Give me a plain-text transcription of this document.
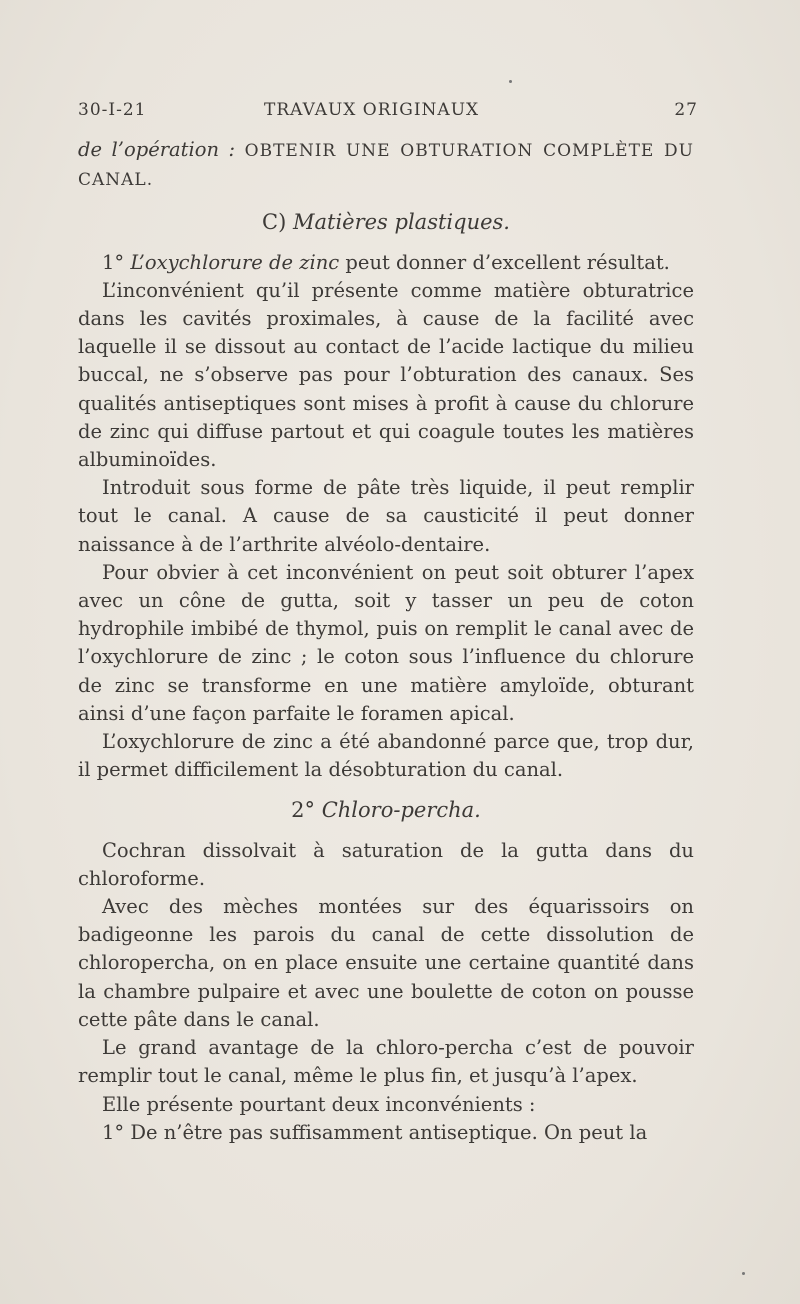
30-I-21	TRAVAUX ORIGINAUX	27

de l’opération : OBTENIR UNE OBTURATION COMPLÈTE DU CANAL.

C) Matières plastiques.

1° L’oxychlorure de zinc peut donner d’excellent résultat.

L’inconvénient qu’il présente comme matière obturatrice dans les cavités proximales, à cause de la facilité avec laquelle il se dissout au contact de l’acide lactique du milieu buccal, ne s’observe pas pour l’obturation des canaux. Ses qualités antiseptiques sont mises à profit à cause du chlorure de zinc qui diffuse partout et qui coagule toutes les matières albuminoïdes.

Introduit sous forme de pâte très liquide, il peut remplir tout le canal. A cause de sa causticité il peut donner naissance à de l’arthrite alvéolo-dentaire.

Pour obvier à cet inconvénient on peut soit obturer l’apex avec un cône de gutta, soit y tasser un peu de coton hydrophile imbibé de thymol, puis on remplit le canal avec de l’oxychlorure de zinc ; le coton sous l’influence du chlorure de zinc se transforme en une matière amyloïde, obturant ainsi d’une façon parfaite le foramen apical.

L’oxychlorure de zinc a été abandonné parce que, trop dur, il permet difficilement la désobturation du canal.

2° Chloro-percha.

Cochran dissolvait à saturation de la gutta dans du chloroforme.

Avec des mèches montées sur des équarissoirs on badigeonne les parois du canal de cette dissolution de chloropercha, on en place ensuite une certaine quantité dans la chambre pulpaire et avec une boulette de coton on pousse cette pâte dans le canal.

Le grand avantage de la chloro-percha c’est de pouvoir remplir tout le canal, même le plus fin, et jusqu’à l’apex.

Elle présente pourtant deux inconvénients :

1° De n’être pas suffisamment antiseptique. On peut la
